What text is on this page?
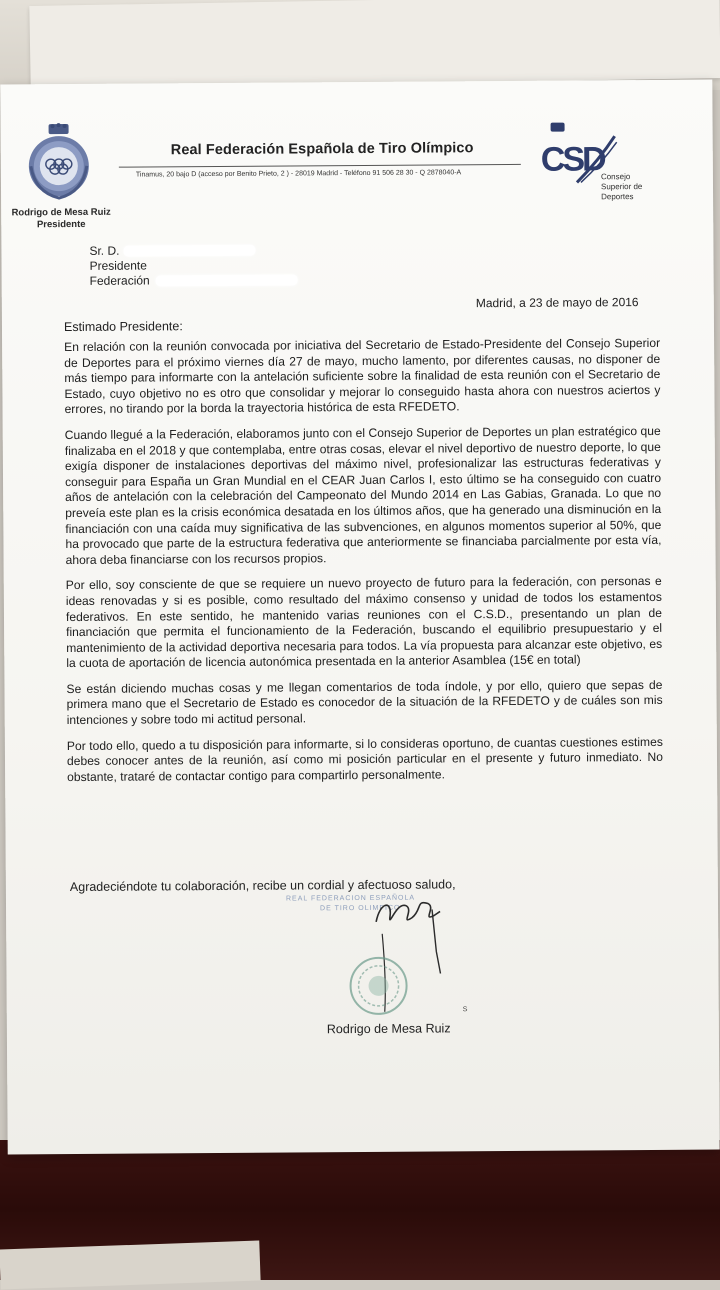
Rodrigo de Mesa Ruiz
Presidente
Real Federación Española de Tiro Olímpico
Tinamus, 20 bajo D (acceso por Benito Prieto, 2 ) - 28019 Madrid - Teléfono 91 506 28 30 - Q 2878040-A CSD
Consejo
Superior de
Deportes
Sr. D.
Presidente
Federación
Madrid, a 23 de mayo de 2016
Estimado Presidente:

En relación con la reunión convocada por iniciativa del Secretario de Estado-Presidente del Consejo Superior de Deportes para el próximo viernes día 27 de mayo, mucho lamento, por diferentes causas, no disponer de más tiempo para informarte con la antelación suficiente sobre la finalidad de esta reunión con el Secretario de Estado, cuyo objetivo no es otro que consolidar y mejorar lo conseguido hasta ahora con nuestros aciertos y errores, no tirando por la borda la trayectoria histórica de esta RFEDETO.

Cuando llegué a la Federación, elaboramos junto con el Consejo Superior de Deportes un plan estratégico que finalizaba en el 2018 y que contemplaba, entre otras cosas, elevar el nivel deportivo de nuestro deporte, lo que exigía disponer de instalaciones deportivas del máximo nivel, profesionalizar las estructuras federativas y conseguir para España un Gran Mundial en el CEAR Juan Carlos I, esto último se ha conseguido con cuatro años de antelación con la celebración del Campeonato del Mundo 2014 en Las Gabias, Granada. Lo que no preveía este plan es la crisis económica desatada en los últimos años, que ha generado una disminución en la financiación con una caída muy significativa de las subvenciones, en algunos momentos superior al 50%, que ha provocado que parte de la estructura federativa que anteriormente se financiaba parcialmente por esta vía, ahora deba financiarse con los recursos propios.

Por ello, soy consciente de que se requiere un nuevo proyecto de futuro para la federación, con personas e ideas renovadas y si es posible, como resultado del máximo consenso y unidad de todos los estamentos federativos. En este sentido, he mantenido varias reuniones con el C.S.D., presentando un plan de financiación que permita el funcionamiento de la Federación, buscando el equilibrio presupuestario y el mantenimiento de la actividad deportiva necesaria para todos. La vía propuesta para alcanzar este objetivo, es la cuota de aportación de licencia autonómica presentada en la anterior Asamblea (15€ en total)

Se están diciendo muchas cosas y me llegan comentarios de toda índole, y por ello, quiero que sepas de primera mano que el Secretario de Estado es conocedor de la situación de la RFEDETO y de cuáles son mis intenciones y sobre todo mi actitud personal.

Por todo ello, quedo a tu disposición para informarte, si lo consideras oportuno, de cuantas cuestiones estimes debes conocer antes de la reunión, así como mi posición particular en el presente y futuro inmediato. No obstante, trataré de contactar contigo para compartirlo personalmente.

Agradeciéndote tu colaboración, recibe un cordial y afectuoso saludo,
REAL FEDERACION ESPAÑOLA
DE TIRO OLIMPICO
Rodrigo de Mesa Ruiz
S
